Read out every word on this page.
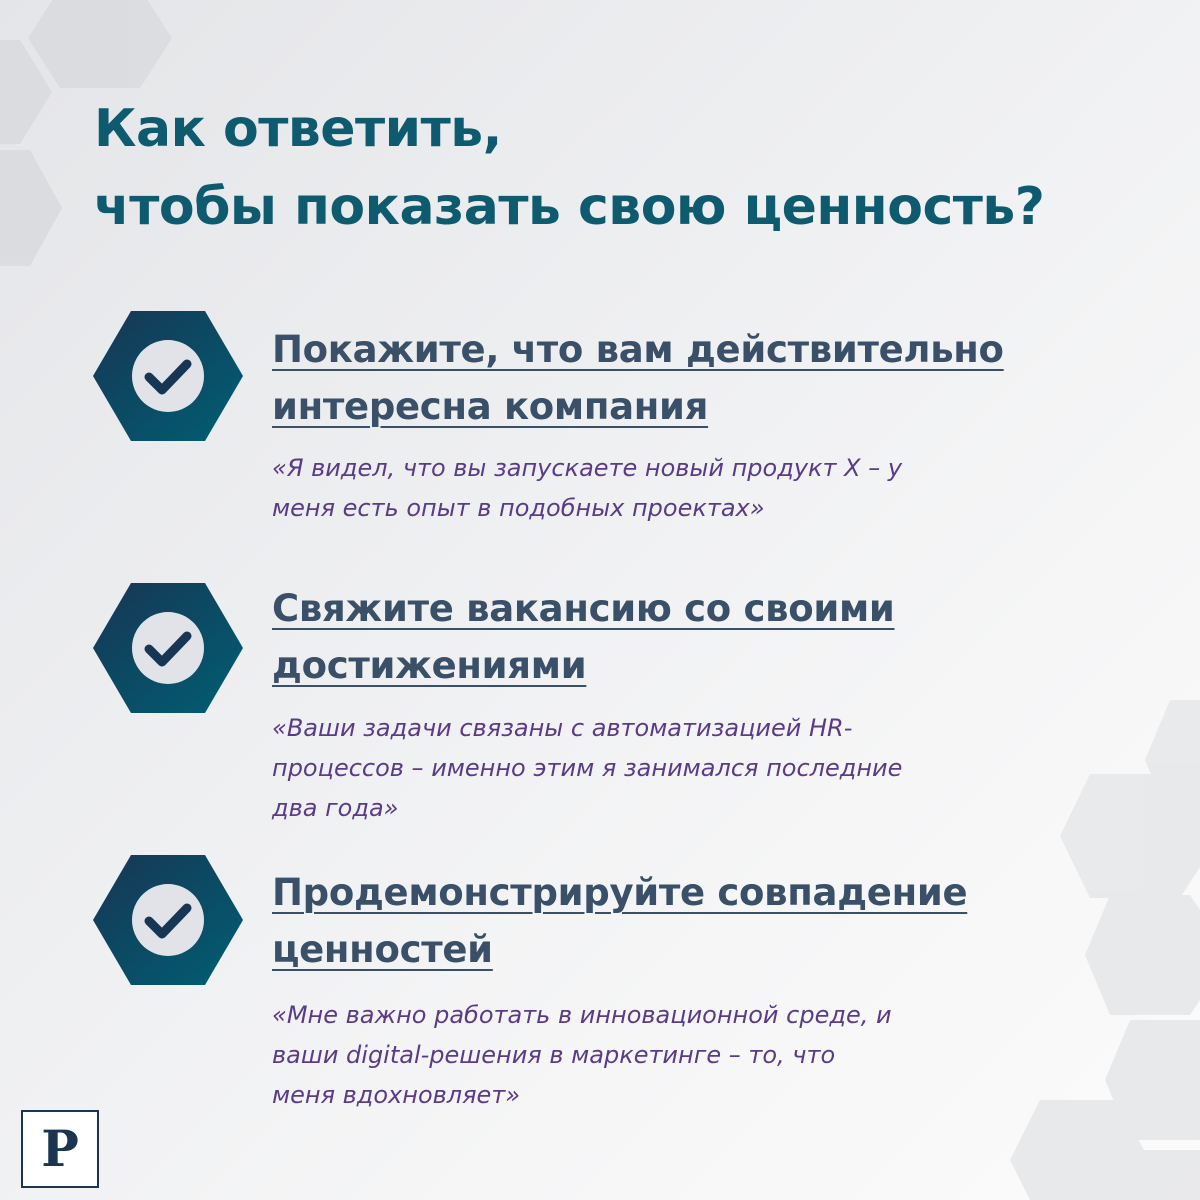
Как ответить,
чтобы показать свою ценность?
Покажите, что вам действительно
интересна компания

«Я видел, что вы запускаете новый продукт X – у
меня есть опыт в подобных проектах»

Свяжите вакансию со своими
достижениями

«Ваши задачи связаны с автоматизацией HR-
процессов – именно этим я занимался последние
два года»

Продемонстрируйте совпадение
ценностей

«Мне важно работать в инновационной среде, и
ваши digital-решения в маркетинге – то, что
меня вдохновляет»

P
